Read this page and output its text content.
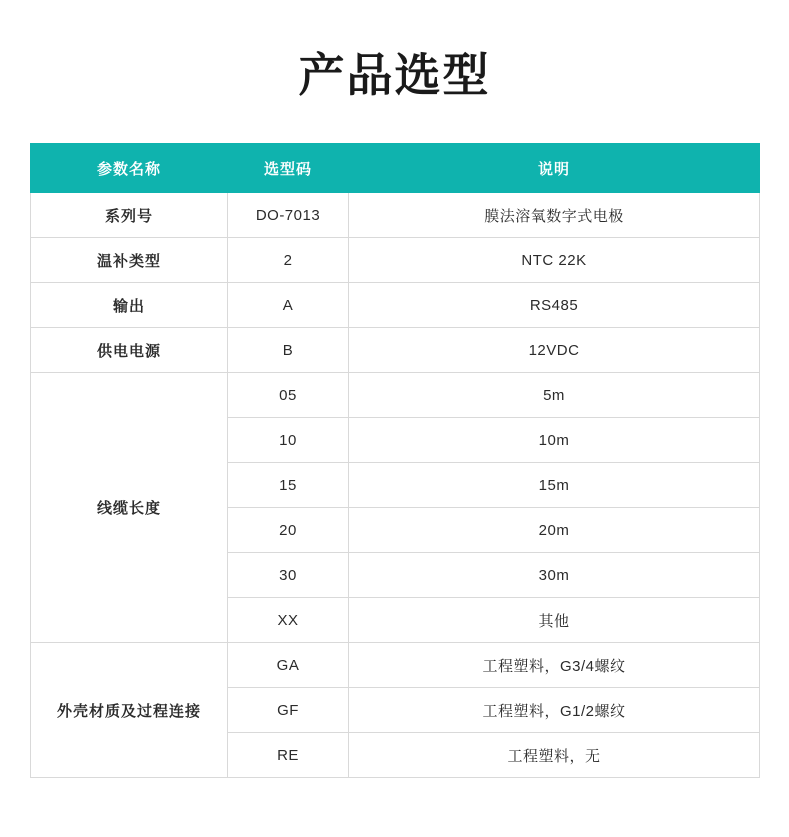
产品选型
参数名称	选型码	说明
系列号	DO-7013	膜法溶氧数字式电极
温补类型	2	NTC 22K
输出	A	RS485
供电电源	B	12VDC
线缆长度	05	5m
	10	10m
	15	15m
	20	20m
	30	30m
	XX	其他
外壳材质及过程连接	GA	工程塑料，G3/4螺纹
	GF	工程塑料，G1/2螺纹
	RE	工程塑料，无
